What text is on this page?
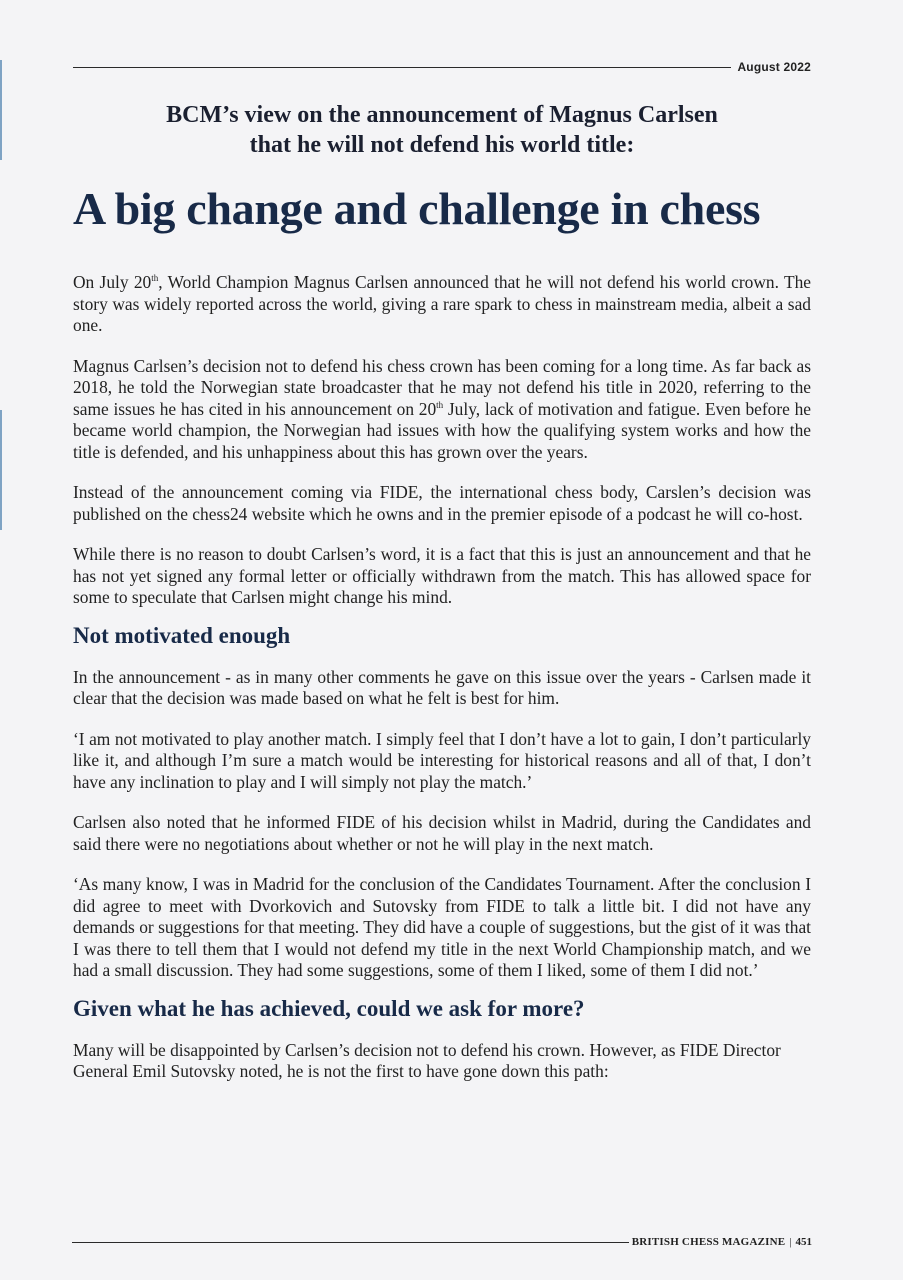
August 2022
BCM’s view on the announcement of Magnus Carlsen
that he will not defend his world title:
A big change and challenge in chess

On July 20th, World Champion Magnus Carlsen announced that he will not defend his world crown. The story was widely reported across the world, giving a rare spark to chess in mainstream media, albeit a sad one.

Magnus Carlsen’s decision not to defend his chess crown has been coming for a long time. As far back as 2018, he told the Norwegian state broadcaster that he may not defend his title in 2020, referring to the same issues he has cited in his announcement on 20th July, lack of motivation and fatigue. Even before he became world champion, the Norwegian had issues with how the qualifying system works and how the title is defended, and his unhappiness about this has grown over the years.

Instead of the announcement coming via FIDE, the international chess body, Carslen’s decision was published on the chess24 website which he owns and in the premier episode of a podcast he will co-host.

While there is no reason to doubt Carlsen’s word, it is a fact that this is just an announcement and that he has not yet signed any formal letter or officially withdrawn from the match. This has allowed space for some to speculate that Carlsen might change his mind.

Not motivated enough

In the announcement - as in many other comments he gave on this issue over the years - Carlsen made it clear that the decision was made based on what he felt is best for him.

‘I am not motivated to play another match. I simply feel that I don’t have a lot to gain, I don’t particularly like it, and although I’m sure a match would be interesting for historical reasons and all of that, I don’t have any inclination to play and I will simply not play the match.’

Carlsen also noted that he informed FIDE of his decision whilst in Madrid, during the Candidates and said there were no negotiations about whether or not he will play in the next match.

‘As many know, I was in Madrid for the conclusion of the Candidates Tournament. After the conclusion I did agree to meet with Dvorkovich and Sutovsky from FIDE to talk a little bit. I did not have any demands or suggestions for that meeting. They did have a couple of suggestions, but the gist of it was that I was there to tell them that I would not defend my title in the next World Championship match, and we had a small discussion. They had some suggestions, some of them I liked, some of them I did not.’

Given what he has achieved, could we ask for more?

Many will be disappointed by Carlsen’s decision not to defend his crown. However, as FIDE Director General Emil Sutovsky noted, he is not the first to have gone down this path:

BRITISH CHESS MAGAZINE | 451
